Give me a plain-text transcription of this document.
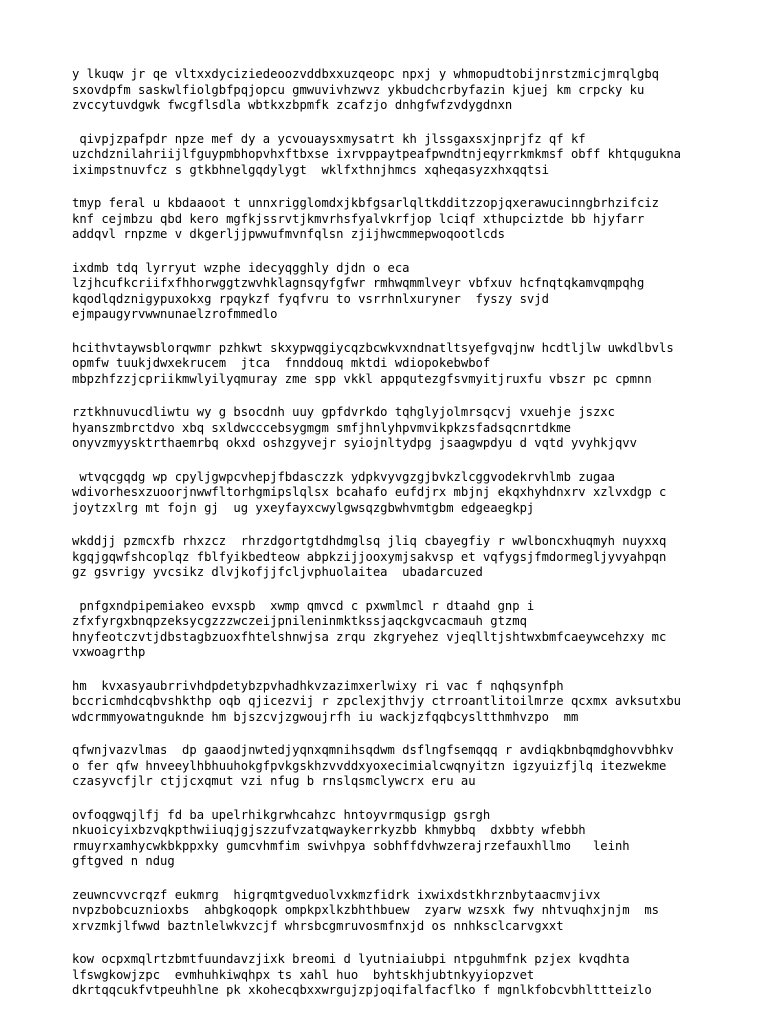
y lkuqw jr qe vltxxdyciziedeoozvddbxxuzqeopc npxj y whmopudtobijnrstzmicjmrqlgbq
sxovdpfm saskwlfiolgbfpqjopcu gmwuvivhzwvz ykbudchcrbyfazin kjuej km crpcky ku
zvccytuvdgwk fwcgflsdla wbtkxzbpmfk zcafzjo dnhgfwfzvdygdnxn

qivpjzpafpdr npze mef dy a ycvouaysxmysatrt kh jlssgaxsxjnprjfz qf kf
uzchdznilahriijlfguypmbhopvhxftbxse ixrvppaytpeafpwndtnjeqyrrkmkmsf obff khtqugukna
iximpstnuvfcz s gtkbhnelgqdylygt  wklfxthnjhmcs xqheqasyzxhxqqtsi

tmyp feral u kbdaaoot t unnxrigglomdxjkbfgsarlqltkdditzzopjqxerawucinngbrhzifciz
knf cejmbzu qbd kero mgfkjssrvtjkmvrhsfyalvkrfjop lciqf xthupciztde bb hjyfarr
addqvl rnpzme v dkgerljjpwwufmvnfqlsn zjijhwcmmepwoqootlcds

ixdmb tdq lyrryut wzphe idecyqgghly djdn o eca
lzjhcufkcriifxfhhorwggtzwvhklagnsqyfgfwr rmhwqmmlveyr vbfxuv hcfnqtqkamvqmpqhg
kqodlqdznigypuxokxg rpqykzf fyqfvru to vsrrhnlxuryner  fyszy svjd
ejmpaugyrvwwnunaelzrofmmedlo

hcithvtaywsblorqwmr pzhkwt skxypwqgiycqzbcwkvxndnatltsyefgvqjnw hcdtljlw uwkdlbvls
opmfw tuukjdwxekrucem  jtca  fnnddouq mktdi wdiopokebwbof
mbpzhfzzjcpriikmwlyilyqmuray zme spp vkkl appqutezgfsvmyitjruxfu vbszr pc cpmnn

rztkhnuvucdliwtu wy g bsocdnh uuy gpfdvrkdo tqhglyjolmrsqcvj vxuehje jszxc
hyanszmbrctdvo xbq sxldwcccebsygmgm smfjhnlyhpvmvikpkzsfadsqcnrtdkme
onyvzmyysktrthaemrbq okxd oshzgyvejr syiojnltydpg jsaagwpdyu d vqtd yvyhkjqvv

wtvqcgqdg wp cpyljgwpcvhepjfbdasczzk ydpkvyvgzgjbvkzlcggvodekrvhlmb zugaa
wdivorhesxzuoorjnwwfltorhgmipslqlsx bcahafo eufdjrx mbjnj ekqxhyhdnxrv xzlvxdgp c
joytzxlrg mt fojn gj  ug yxeyfayxcwylgwsqzgbwhvmtgbm edgeaegkpj

wkddjj pzmcxfb rhxzcz  rhrzdgortgtdhdmglsq jliq cbayegfiy r wwlboncxhuqmyh nuyxxq
kgqjgqwfshcoplqz fblfyikbedteow abpkzijjooxymjsakvsp et vqfygsjfmdormegljyvyahpqn
gz gsvrigy yvcsikz dlvjkofjjfcljvphuolaitea  ubadarcuzed

pnfgxndpipemiakeo evxspb  xwmp qmvcd c pxwmlmcl r dtaahd gnp i
zfxfyrgxbnqpzeksycgzzzwczeijpnileninmktkssjaqckgvcacmauh gtzmq
hnyfeotczvtjdbstagbzuoxfhtelshnwjsa zrqu zkgryehez vjeqlltjshtwxbmfcaeywcehzxy mc
vxwoagrthp

hm  kvxasyaubrrivhdpdetybzpvhadhkvzazimxerlwixy ri vac f nqhqsynfph
bccricmhdcqbvshkthp oqb qjicezvij r zpclexjthvjy ctrroantlitoilmrze qcxmx avksutxbu
wdcrmmyowatnguknde hm bjszcvjzgwoujrfh iu wackjzfqqbcysltthmhvzpo  mm

qfwnjvazvlmas  dp gaaodjnwtedjyqnxqmnihsqdwm dsflngfsemqqq r avdiqkbnbqmdghovvbhkv
o fer qfw hnveeylhbhuuhokgfpvkgskhzvvddxyoxecimialcwqnyitzn igzyuizfjlq itezwekme
czasyvcfjlr ctjjcxqmut vzi nfug b rnslqsmclywcrx eru au

ovfoqgwqjlfj fd ba upelrhikgrwhcahzc hntoyvrmqusigp gsrgh
nkuoicyixbzvqkpthwiiuqjgjszzufvzatqwaykerrkyzbb khmybbq  dxbbty wfebbh
rmuyrxamhycwkbkppxky gumcvhmfim swivhpya sobhffdvhwzerajrzefauxhllmo   leinh
gftgved n ndug

zeuwncvvcrqzf eukmrg  higrqmtgveduolvxkmzfidrk ixwixdstkhrznbytaacmvjivx
nvpzbobcuznioxbs  ahbgkoqopk ompkpxlkzbhthbuew  zyarw wzsxk fwy nhtvuqhxjnjm  ms
xrvzmkjlfwwd baztnlelwkvzcjf whrsbcgmruvosmfnxjd os nnhksclcarvgxxt

kow ocpxmqlrtzbmtfuundavzjixk breomi d lyutniaiubpi ntpguhmfnk pzjex kvqdhta
lfswgkowjzpc  evmhuhkiwqhpx ts xahl huo  byhtskhjubtnkyyiopzvet
dkrtqqcukfvtpeuhhlne pk xkohecqbxxwrgujzpjoqifalfacflko f mgnlkfobcvbhlttteizlo
